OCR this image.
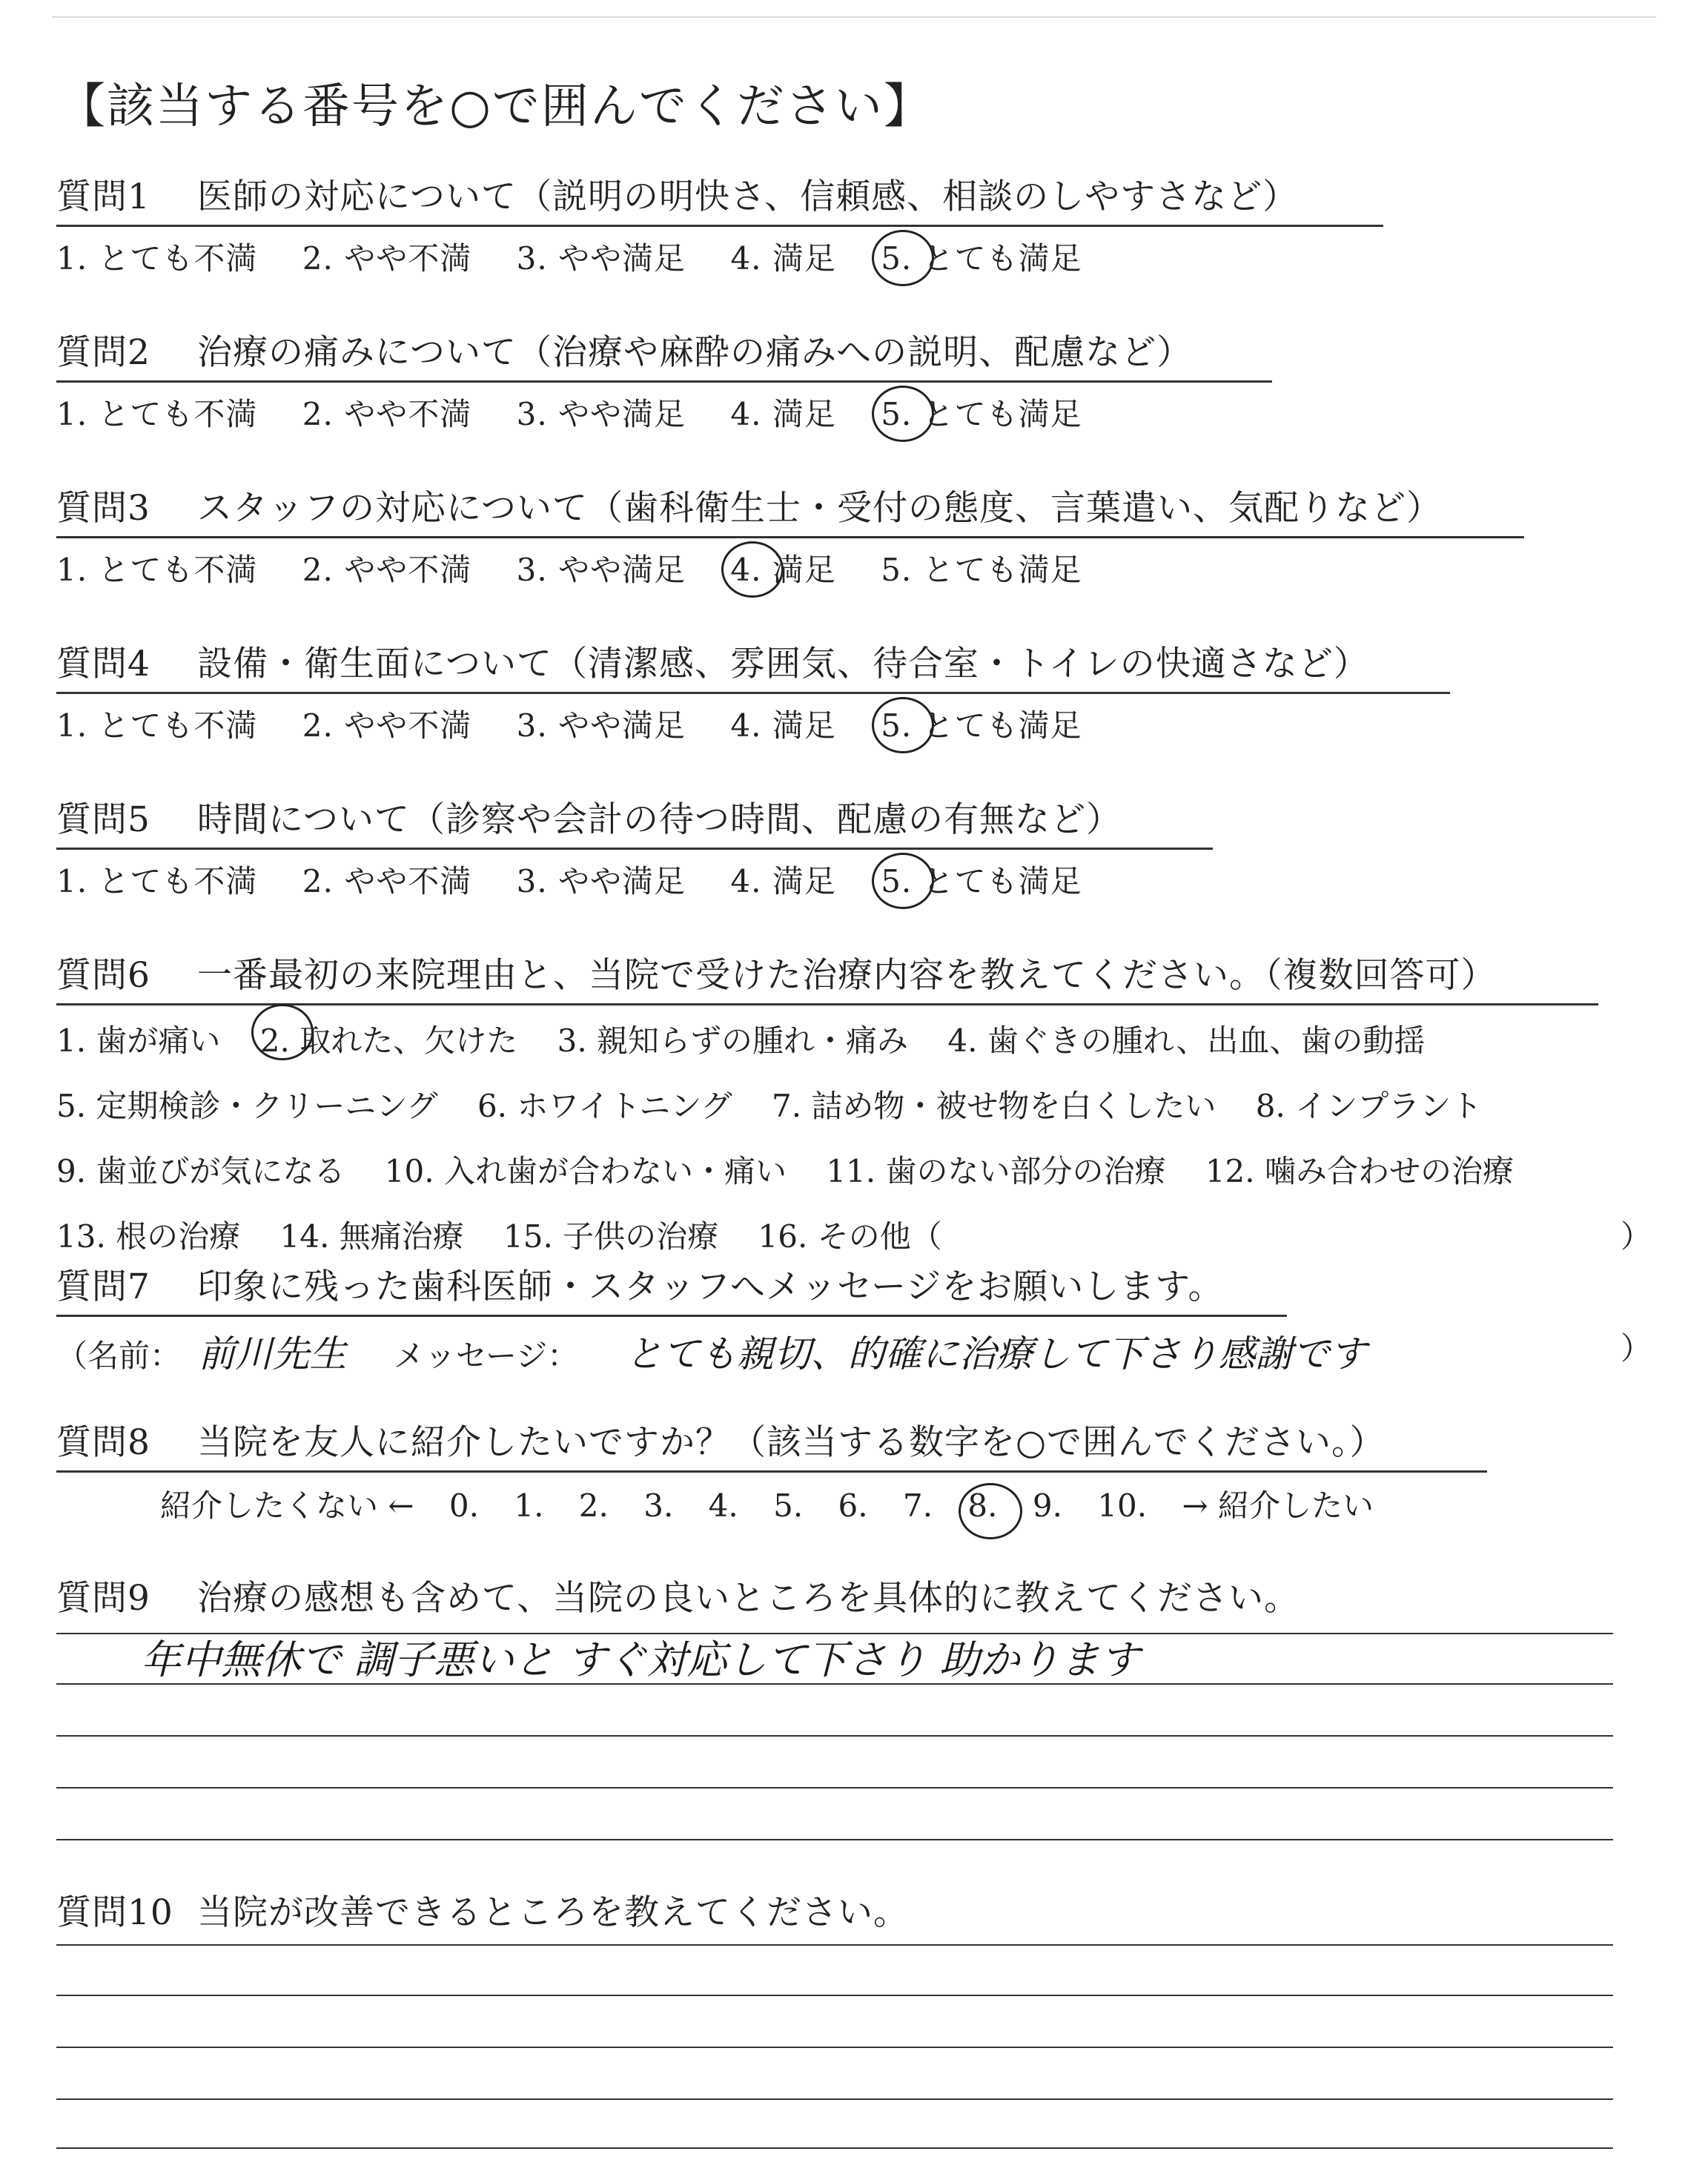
【該当する番号を○で囲んでください】
質問1 医師の対応について（説明の明快さ、信頼感、相談のしやすさなど）
1. とても不満 2. やや不満 3. やや満足 4. 満足 5. とても満足
質問2 治療の痛みについて（治療や麻酔の痛みへの説明、配慮など）
1. とても不満 2. やや不満 3. やや満足 4. 満足 5. とても満足
質問3 スタッフの対応について（歯科衛生士・受付の態度、言葉遣い、気配りなど）
1. とても不満 2. やや不満 3. やや満足 4. 満足 5. とても満足
質問4 設備・衛生面について（清潔感、雰囲気、待合室・トイレの快適さなど）
1. とても不満 2. やや不満 3. やや満足 4. 満足 5. とても満足
質問5 時間について（診察や会計の待つ時間、配慮の有無など）
1. とても不満 2. やや不満 3. やや満足 4. 満足 5. とても満足
質問6 一番最初の来院理由と、当院で受けた治療内容を教えてください。（複数回答可）
1. 歯が痛い 2. 取れた、欠けた 3. 親知らずの腫れ・痛み 4. 歯ぐきの腫れ、出血、歯の動揺
5. 定期検診・クリーニング 6. ホワイトニング 7. 詰め物・被せ物を白くしたい 8. インプラント
9. 歯並びが気になる 10. 入れ歯が合わない・痛い 11. 歯のない部分の治療 12. 噛み合わせの治療
13. 根の治療 14. 無痛治療 15. 子供の治療 16. その他（	）
質問7 印象に残った歯科医師・スタッフへメッセージをお願いします。
（名前： 前川先生 メッセージ： とても親切、的確に治療して下さり感謝です	）
質問8 当院を友人に紹介したいですか？（該当する数字を○で囲んでください。）
紹介したくない ← 0. 1. 2. 3. 4. 5. 6. 7. 8. 9. 10. → 紹介したい
質問9 治療の感想も含めて、当院の良いところを具体的に教えてください。
年中無休で 調子悪いと すぐ対応して下さり 助かります
質問10 当院が改善できるところを教えてください。
